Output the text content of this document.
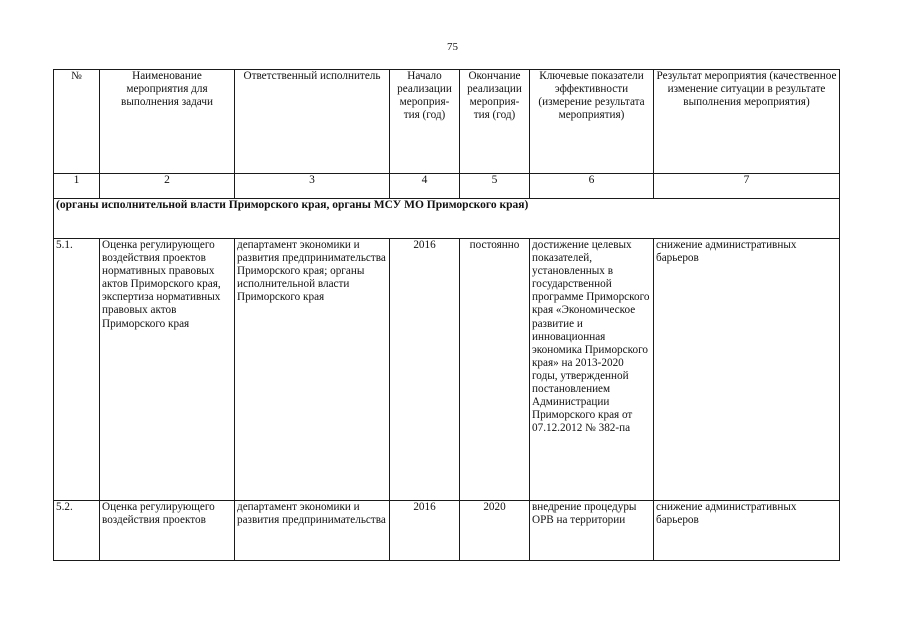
75
№	Наименование мероприятия для выполнения задачи	Ответственный исполнитель	Начало реализации мероприя-тия (год)	Окончание реализации мероприя-тия (год)	Ключевые показатели эффективности (измерение результата мероприятия)	Результат мероприятия (качественное изменение ситуации в результате выполнения мероприятия)
1	2	3	4	5	6	7
(органы исполнительной власти Приморского края, органы МСУ МО Приморского края)						
5.1.	Оценка регулирующего воздействия проектов нормативных правовых актов Приморского края, экспертиза нормативных правовых актов Приморского края	департамент экономики и развития предпринимательства Приморского края; органы исполнительной власти Приморского края	2016	постоянно	достижение целевых показателей, установленных в государственной программе Приморского края «Экономическое развитие и инновационная экономика Приморского края» на 2013-2020 годы, утвержденной постановлением Администрации Приморского края от 07.12.2012 № 382-па	снижение административных барьеров
5.2.	Оценка регулирующего воздействия проектов	департамент экономики и развития предпринимательства	2016	2020	внедрение процедуры ОРВ на территории	снижение административных барьеров
